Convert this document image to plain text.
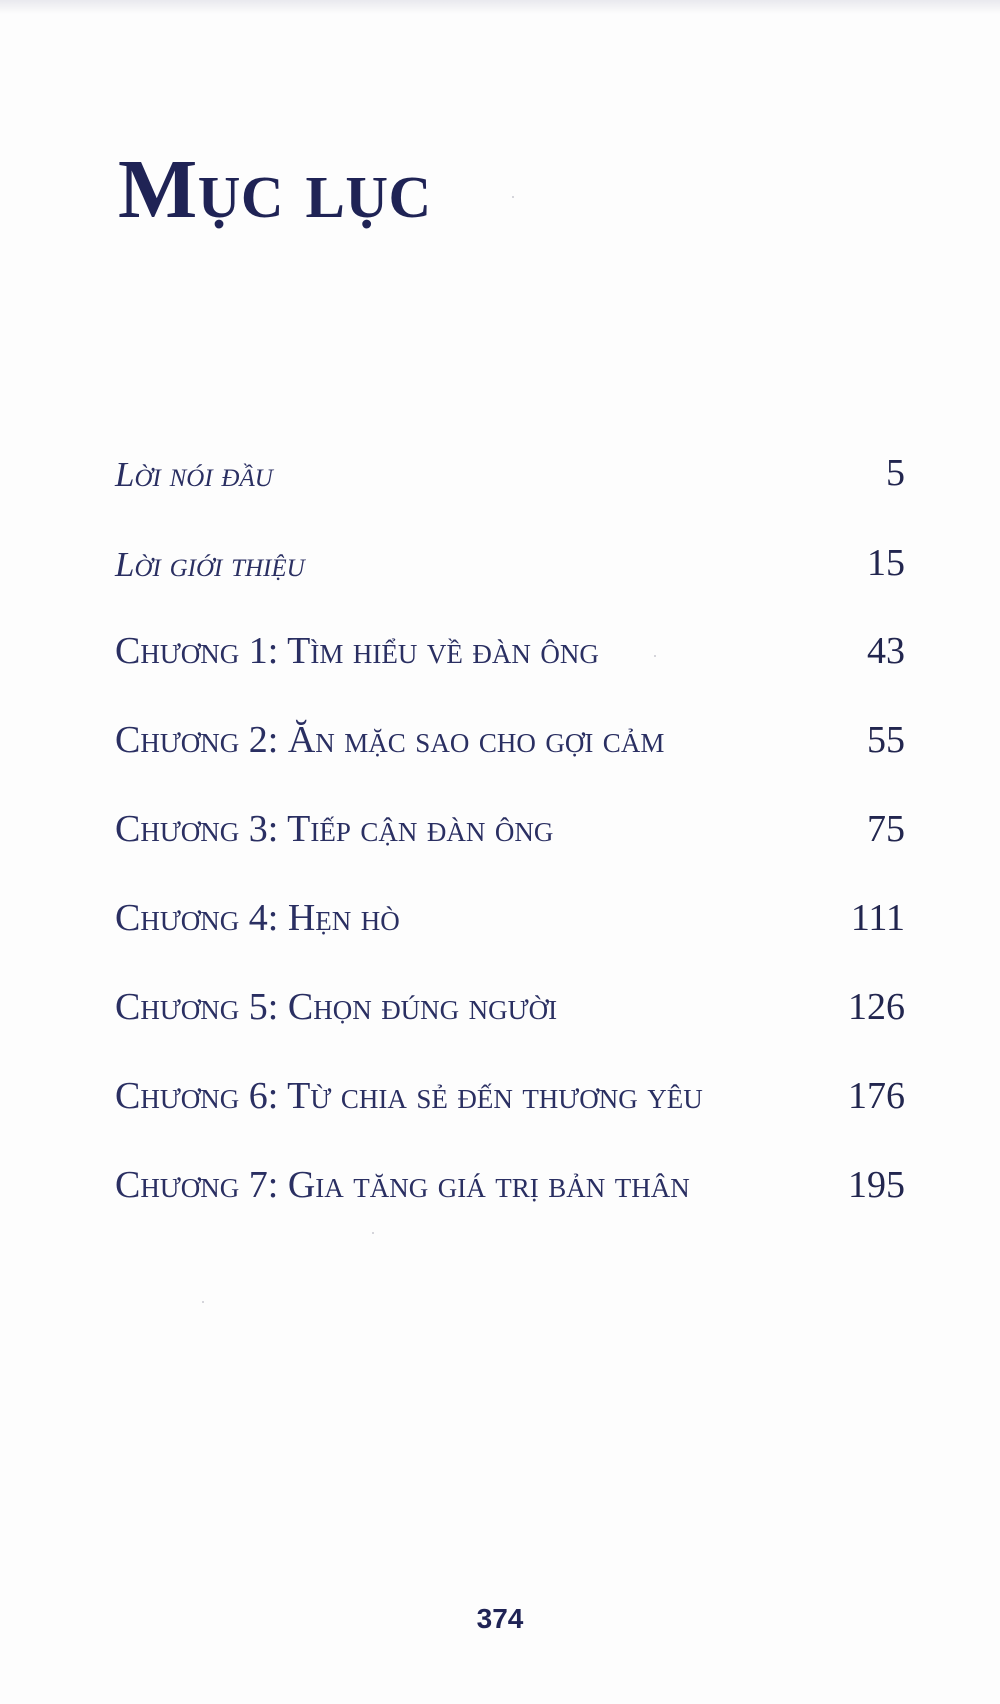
Mục lục
Lời nói đầu	5
Lời giới thiệu	15
Chương 1: Tìm hiểu về đàn ông	43
Chương 2: Ăn mặc sao cho gợi cảm	55
Chương 3: Tiếp cận đàn ông	75
Chương 4: Hẹn hò	111
Chương 5: Chọn đúng người	126
Chương 6: Từ chia sẻ đến thương yêu	176
Chương 7: Gia tăng giá trị bản thân	195
374
